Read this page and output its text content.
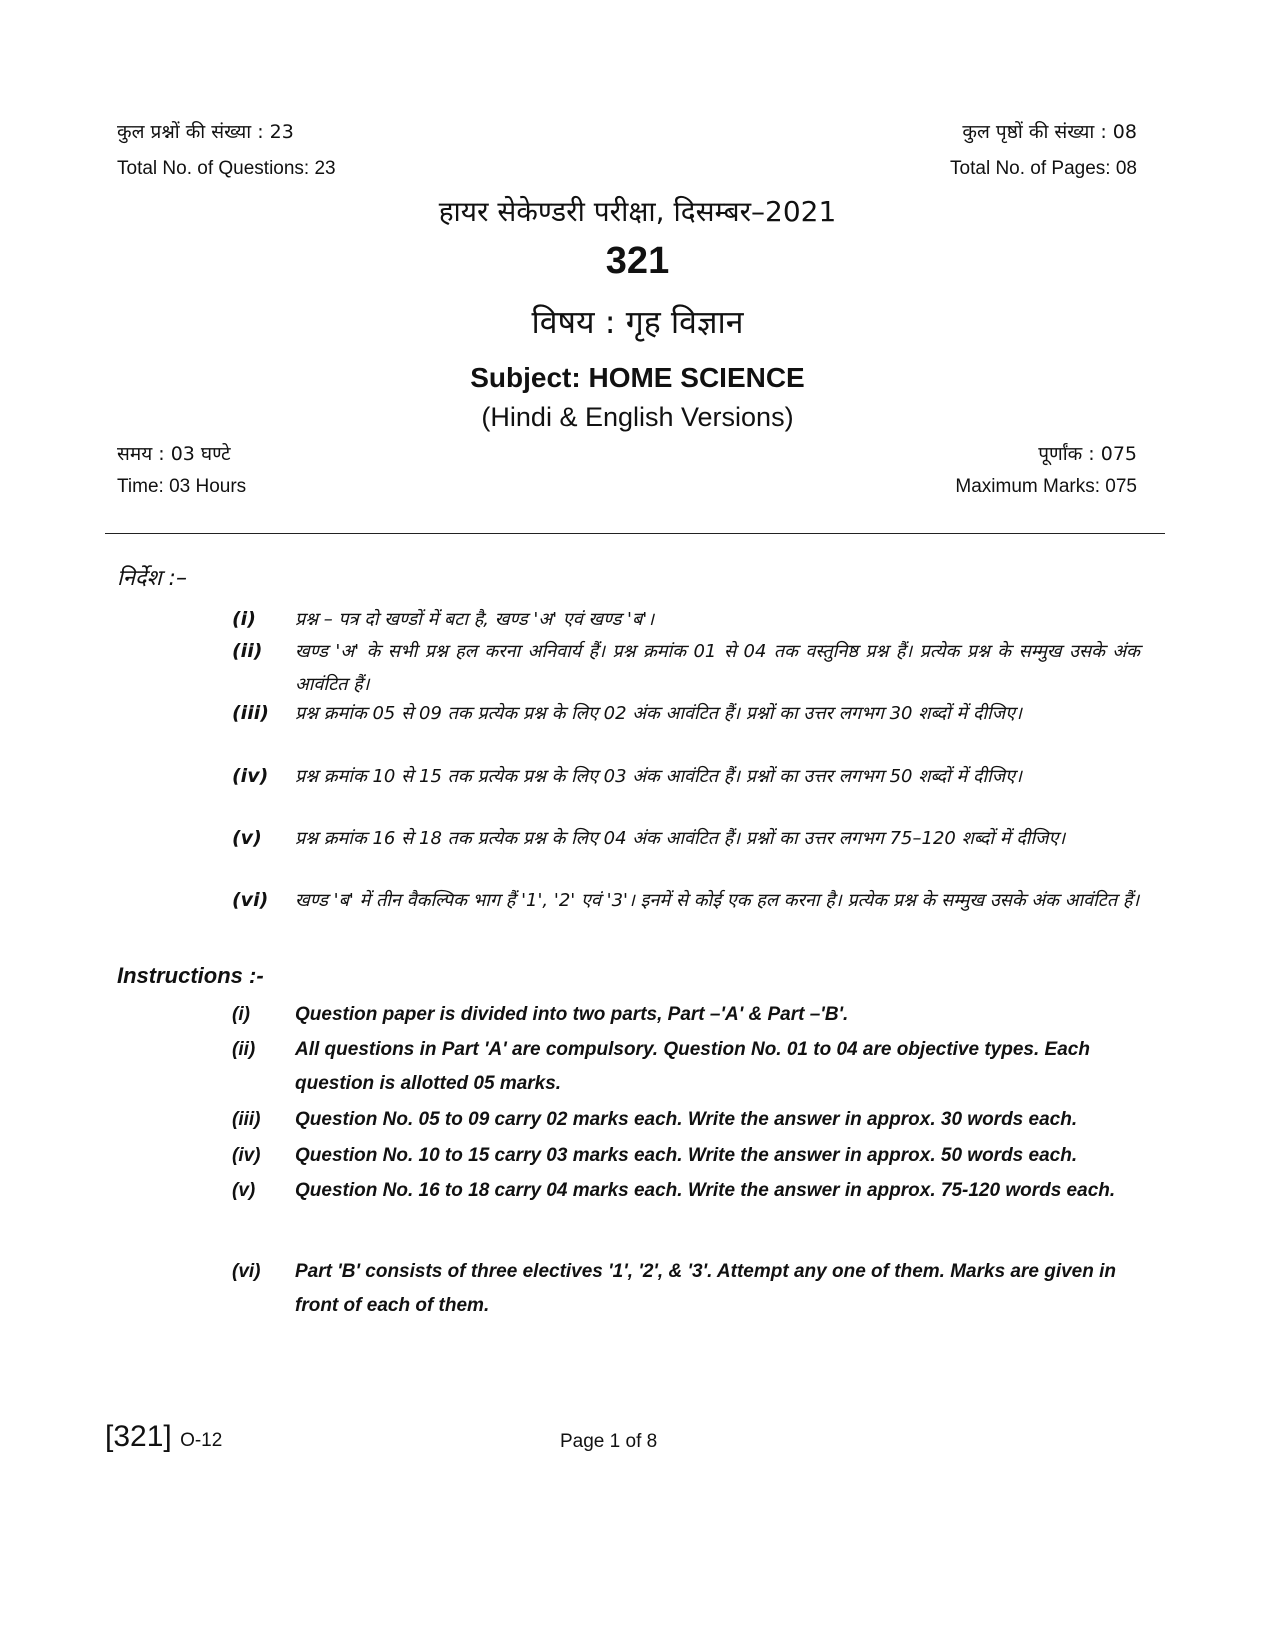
कुल प्रश्नों की संख्या : 23	कुल पृष्ठों की संख्या : 08
Total No. of Questions: 23	Total No. of Pages: 08
हायर सेकेण्डरी परीक्षा, दिसम्बर–2021
321
विषय : गृह विज्ञान
Subject: HOME SCIENCE
(Hindi & English Versions)
समय : 03 घण्टे	पूर्णांक : 075
Time: 03 Hours	Maximum Marks: 075
निर्देश :–
(i)	प्रश्न – पत्र दो खण्डों में बटा है, खण्ड 'अ' एवं खण्ड 'ब'।
(ii)	खण्ड 'अ' के सभी प्रश्न हल करना अनिवार्य हैं। प्रश्न क्रमांक 01 से 04 तक वस्तुनिष्ठ प्रश्न हैं। प्रत्येक प्रश्न के सम्मुख उसके अंक आवंटित हैं।
(iii)	प्रश्न क्रमांक 05 से 09 तक प्रत्येक प्रश्न के लिए 02 अंक आवंटित हैं। प्रश्नों का उत्तर लगभग 30 शब्दों में दीजिए।
(iv)	प्रश्न क्रमांक 10 से 15 तक प्रत्येक प्रश्न के लिए 03 अंक आवंटित हैं। प्रश्नों का उत्तर लगभग 50 शब्दों में दीजिए।
(v)	प्रश्न क्रमांक 16 से 18 तक प्रत्येक प्रश्न के लिए 04 अंक आवंटित हैं। प्रश्नों का उत्तर लगभग 75–120 शब्दों में दीजिए।
(vi)	खण्ड 'ब' में तीन वैकल्पिक भाग हैं '1', '2' एवं '3'। इनमें से कोई एक हल करना है। प्रत्येक प्रश्न के सम्मुख उसके अंक आवंटित हैं।
Instructions :-
(i)	Question paper is divided into two parts, Part –'A' & Part –'B'.
(ii)	All questions in Part 'A' are compulsory. Question No. 01 to 04 are objective types. Each question is allotted 05 marks.
(iii)	Question No. 05 to 09 carry 02 marks each. Write the answer in approx. 30 words each.
(iv)	Question No. 10 to 15 carry 03 marks each. Write the answer in approx. 50 words each.
(v)	Question No. 16 to 18 carry 04 marks each. Write the answer in approx. 75-120 words each.
(vi)	Part 'B' consists of three electives '1', '2', & '3'. Attempt any one of them. Marks are given in front of each of them.
[321] O-12	Page 1 of 8
